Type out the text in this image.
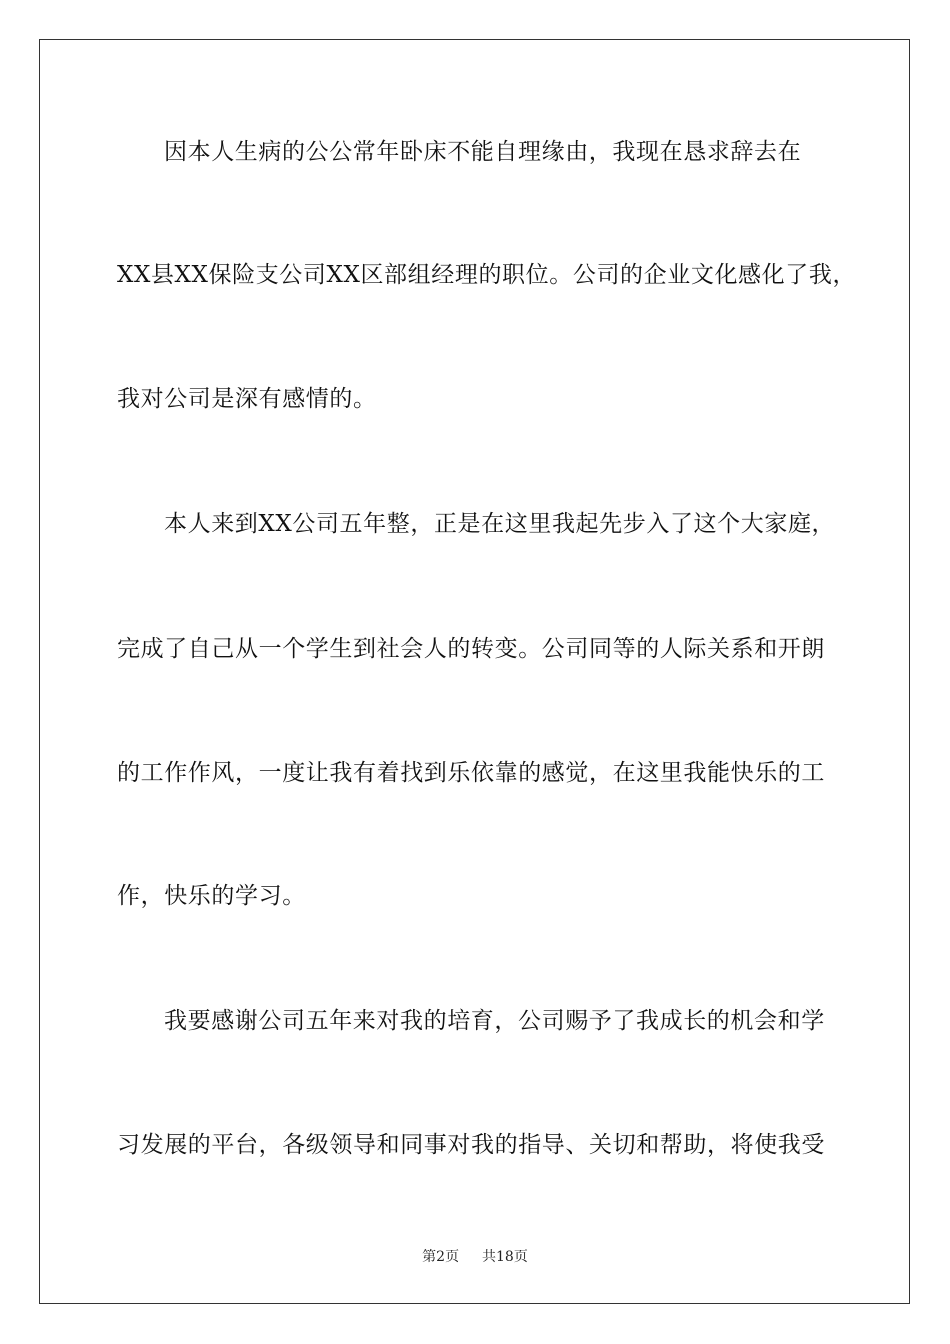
因本人生病的公公常年卧床不能自理缘由，我现在恳求辞去在
XX县XX保险支公司XX区部组经理的职位。公司的企业文化感化了我，
我对公司是深有感情的。
本人来到XX公司五年整，正是在这里我起先步入了这个大家庭，
完成了自己从一个学生到社会人的转变。公司同等的人际关系和开朗
的工作作风，一度让我有着找到乐依靠的感觉，在这里我能快乐的工
作，快乐的学习。
我要感谢公司五年来对我的培育，公司赐予了我成长的机会和学
习发展的平台，各级领导和同事对我的指导、关切和帮助，将使我受
第2页 共18页
